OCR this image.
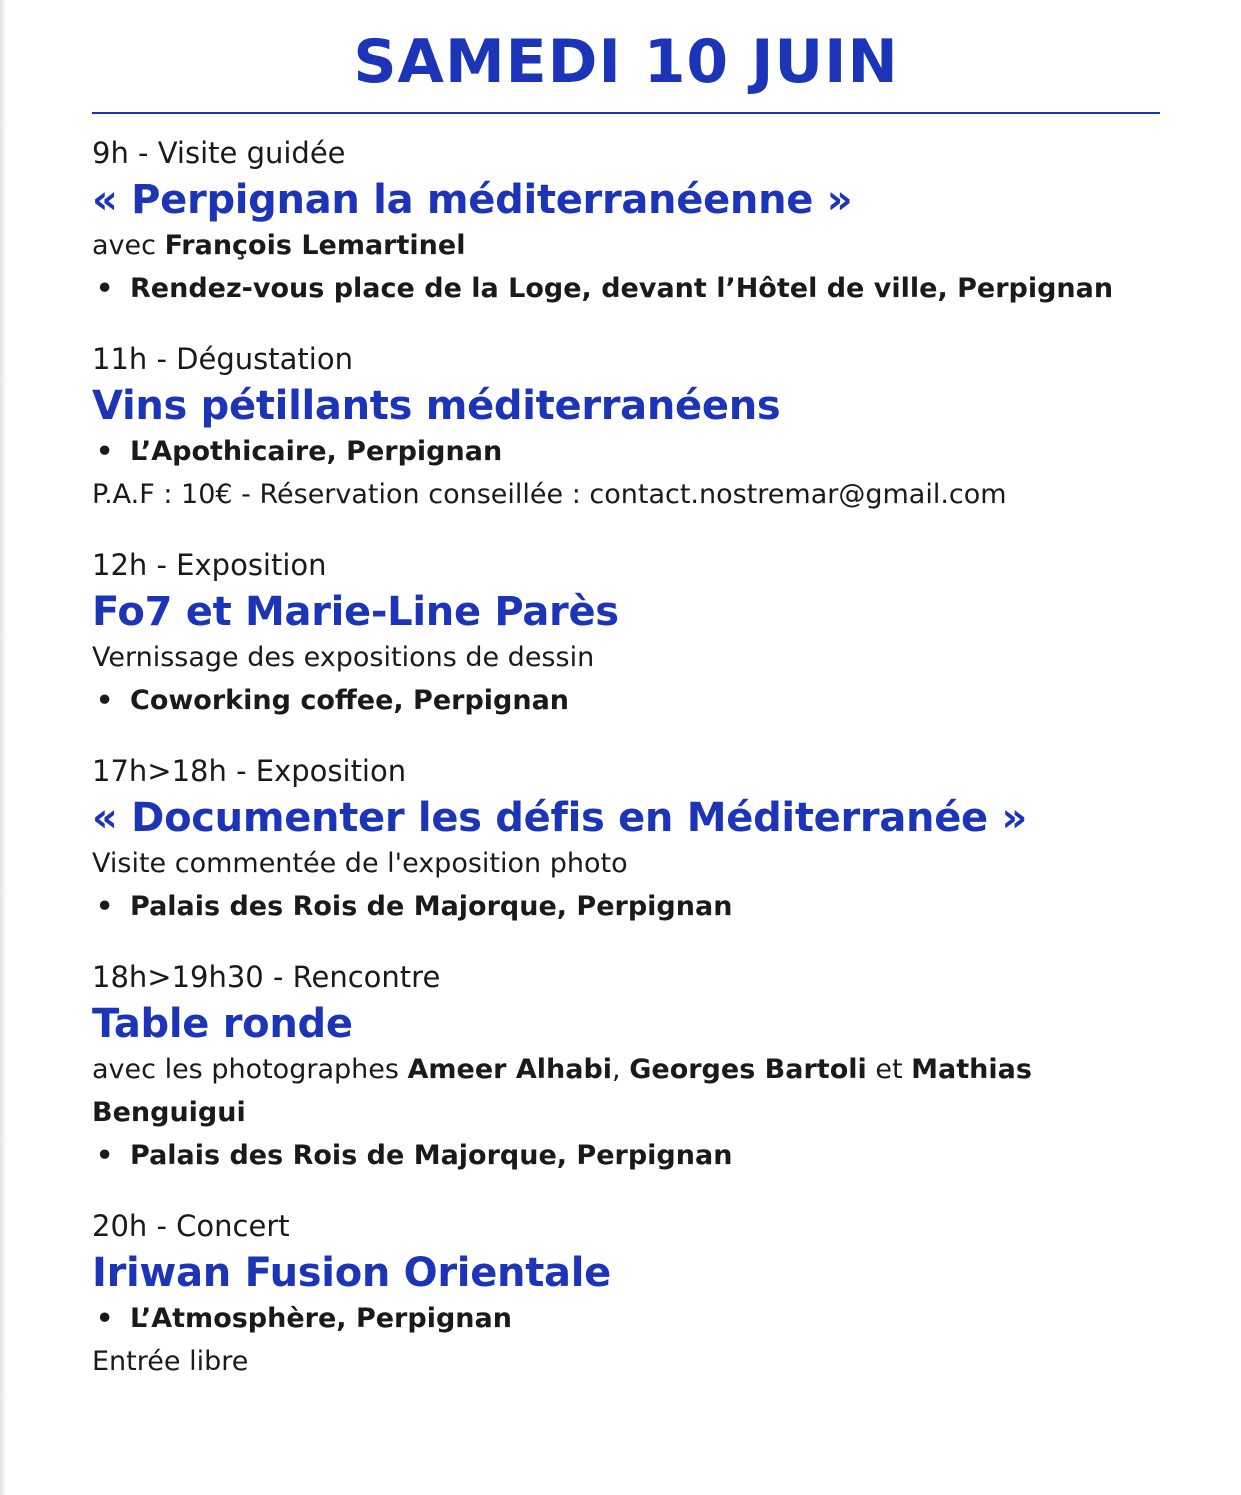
SAMEDI 10 JUIN
9h - Visite guidée
« Perpignan la méditerranéenne »
avec François Lemartinel
• Rendez-vous place de la Loge, devant l’Hôtel de ville, Perpignan
11h - Dégustation
Vins pétillants méditerranéens
• L’Apothicaire, Perpignan
P.A.F : 10€ - Réservation conseillée : contact.nostremar@gmail.com
12h - Exposition
Fo7 et Marie-Line Parès
Vernissage des expositions de dessin
• Coworking coffee, Perpignan
17h>18h - Exposition
« Documenter les défis en Méditerranée »
Visite commentée de l'exposition photo
• Palais des Rois de Majorque, Perpignan
18h>19h30 - Rencontre
Table ronde
avec les photographes Ameer Alhabi, Georges Bartoli et Mathias Benguigui
• Palais des Rois de Majorque, Perpignan
20h - Concert
Iriwan Fusion Orientale
• L’Atmosphère, Perpignan
Entrée libre
